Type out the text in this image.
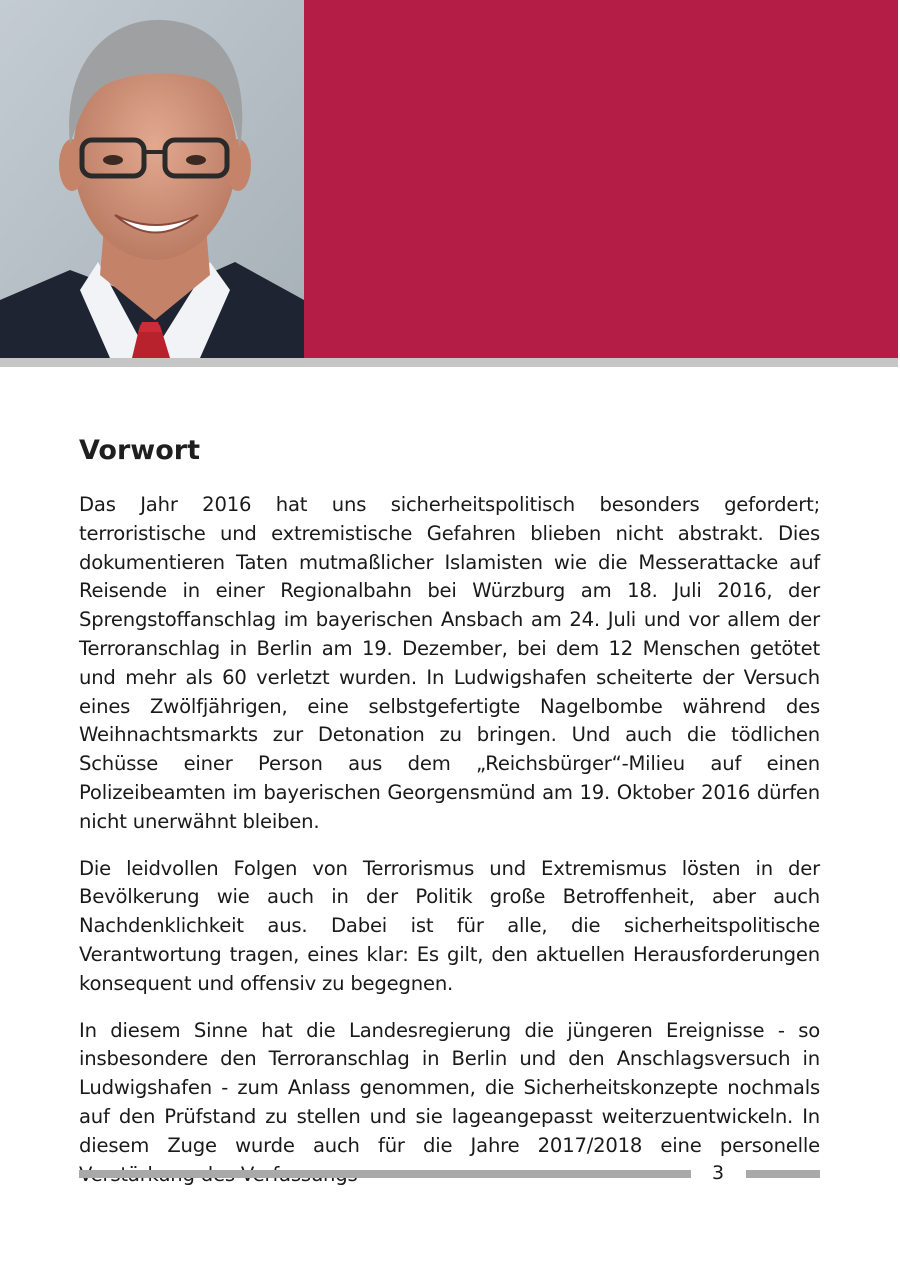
Vorwort

Das Jahr 2016 hat uns sicherheitspolitisch besonders gefordert; terroristische und extremistische Gefahren blieben nicht abstrakt. Dies dokumentieren Taten mutmaßlicher Islamisten wie die Messerattacke auf Reisende in einer Regionalbahn bei Würzburg am 18. Juli 2016, der Sprengstoffanschlag im bayerischen Ansbach am 24. Juli und vor allem der Terroranschlag in Berlin am 19. Dezember, bei dem 12 Menschen getötet und mehr als 60 verletzt wurden. In Ludwigshafen scheiterte der Versuch eines Zwölfjährigen, eine selbstgefertigte Nagelbombe während des Weihnachtsmarkts zur Detonation zu bringen. Und auch die tödlichen Schüsse einer Person aus dem „Reichsbürger“-Milieu auf einen Polizeibeamten im bayerischen Georgensmünd am 19. Oktober 2016 dürfen nicht unerwähnt bleiben.

Die leidvollen Folgen von Terrorismus und Extremismus lösten in der Bevölkerung wie auch in der Politik große Betroffenheit, aber auch Nachdenklichkeit aus. Dabei ist für alle, die sicherheitspolitische Verantwortung tragen, eines klar: Es gilt, den aktuellen Herausforderungen konsequent und offensiv zu begegnen.

In diesem Sinne hat die Landesregierung die jüngeren Ereignisse - so insbesondere den Terroranschlag in Berlin und den Anschlagsversuch in Ludwigshafen - zum Anlass genommen, die Sicherheitskonzepte nochmals auf den Prüfstand zu stellen und sie lageangepasst weiterzuentwickeln. In diesem Zuge wurde auch für die Jahre 2017/2018 eine personelle

3
